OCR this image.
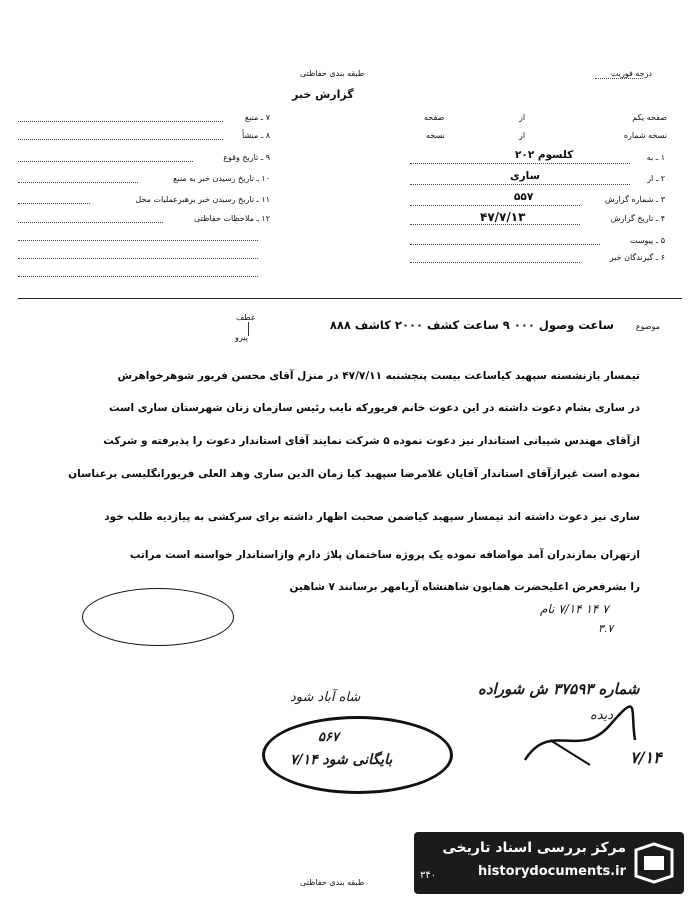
طبقه بندی حفاظتی
گزارش خبر
درجه فوریت
صفحه یکم
از
صفحه
نسخه شماره
از
نسخه
۱ ـ به
کلسوم ۲۰۲
۲ ـ از
ساری
۳ ـ شماره گزارش
۵۵۷
۴ ـ تاریخ گزارش
۴۷/۷/۱۳
۵ ـ پیوست
۶ ـ گیرندگان خبر
۷ ـ منبع
۸ ـ منشأ
۹ ـ تاریخ وقوع
۱۰ ـ تاریخ رسیدن خبر به منبع
۱۱ ـ تاریخ رسیدن خبر برهبرعملیات محل
۱۲ ـ ملاحظات حفاظتی
موضوع
ساعت وصول ۰۰۰ ۹ ساعت کشف ۲۰۰۰ کاشف ۸۸۸
عطف
پیرو
تیمسار بازنشسته سپهبد کیاساعت بیست پنجشنبه ۴۷/۷/۱۱ در منزل آقای محسن فریور شوهرخواهرش
در ساری بشام دعوت داشته در این دعوت خانم فریورکه نایب رئیس سازمان زنان شهرستان ساری است
ازآقای مهندس شیبانی استاندار نیز دعوت نموده ۵ شرکت نمایند آقای استاندار دعوت را پذیرفته و شرکت
نموده است غیرازآقای استاندار آقایان غلامرضا سپهبد کیا زمان الدین ساری وهد العلی فریورانگلیسی برعناسان
ساری نیز دعوت داشته اند تیمسار سپهبد کیاضمن صحبت اظهار داشته برای سرکشی به پیازدیه طلب خود
ازتهران بمازندران آمد مواضافه نموده یک پروژه ساختمان پلاژ دارم وازاستاندار خواسته است مراتب
را بشرفعرض اعلیحضرت همایون شاهنشاه آریامهر برسانند ۷ شاهین
۷ ۱۴ ۷/۱۴ نام
۳.۷
شماره ۳۷۵۹۳ ش شوراده
دیده
۷/۱۴
شاه آباد شود
۵۶۷
بایگانی شود ۷/۱۴
طبقه بندی حفاظتی
۳۴۰
مرکز بررسی اسناد تاریخی
historydocuments.ir
